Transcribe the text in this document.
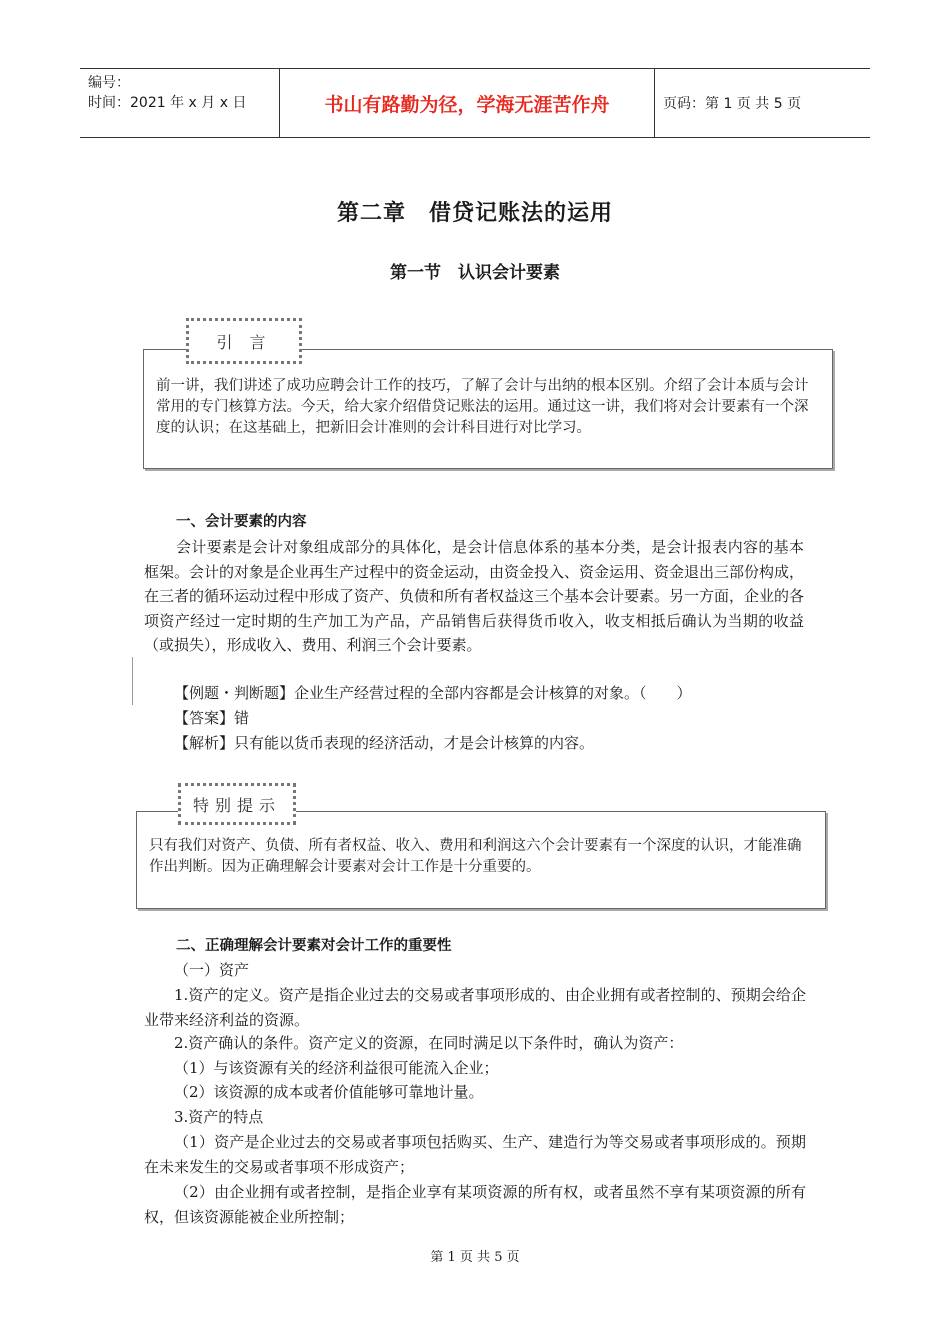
编号：
时间：2021 年 x 月 x 日	书山有路勤为径，学海无涯苦作舟	页码：第 1 页 共 5 页
第二章　借贷记账法的运用
第一节　认识会计要素
前一讲，我们讲述了成功应聘会计工作的技巧，了解了会计与出纳的根本区别。介绍了会计本质与会计常用的专门核算方法。今天，给大家介绍借贷记账法的运用。通过这一讲，我们将对会计要素有一个深度的认识；在这基础上，把新旧会计准则的会计科目进行对比学习。
引 言
一、会计要素的内容
会计要素是会计对象组成部分的具体化，是会计信息体系的基本分类，是会计报表内容的基本框架。会计的对象是企业再生产过程中的资金运动，由资金投入、资金运用、资金退出三部份构成，在三者的循环运动过程中形成了资产、负债和所有者权益这三个基本会计要素。另一方面，企业的各项资产经过一定时期的生产加工为产品，产品销售后获得货币收入，收支相抵后确认为当期的收益（或损失），形成收入、费用、利润三个会计要素。
【例题・判断题】企业生产经营过程的全部内容都是会计核算的对象。（　　）
【答案】错
【解析】只有能以货币表现的经济活动，才是会计核算的内容。
只有我们对资产、负债、所有者权益、收入、费用和利润这六个会计要素有一个深度的认识，才能准确作出判断。因为正确理解会计要素对会计工作是十分重要的。
特别提示
二、正确理解会计要素对会计工作的重要性
（一）资产
1.资产的定义。资产是指企业过去的交易或者事项形成的、由企业拥有或者控制的、预期会给企业带来经济利益的资源。
2.资产确认的条件。资产定义的资源，在同时满足以下条件时，确认为资产：
（1）与该资源有关的经济利益很可能流入企业；
（2）该资源的成本或者价值能够可靠地计量。
3.资产的特点
（1）资产是企业过去的交易或者事项包括购买、生产、建造行为等交易或者事项形成的。预期在未来发生的交易或者事项不形成资产；
（2）由企业拥有或者控制，是指企业享有某项资源的所有权，或者虽然不享有某项资源的所有权，但该资源能被企业所控制；
第 1 页 共 5 页
